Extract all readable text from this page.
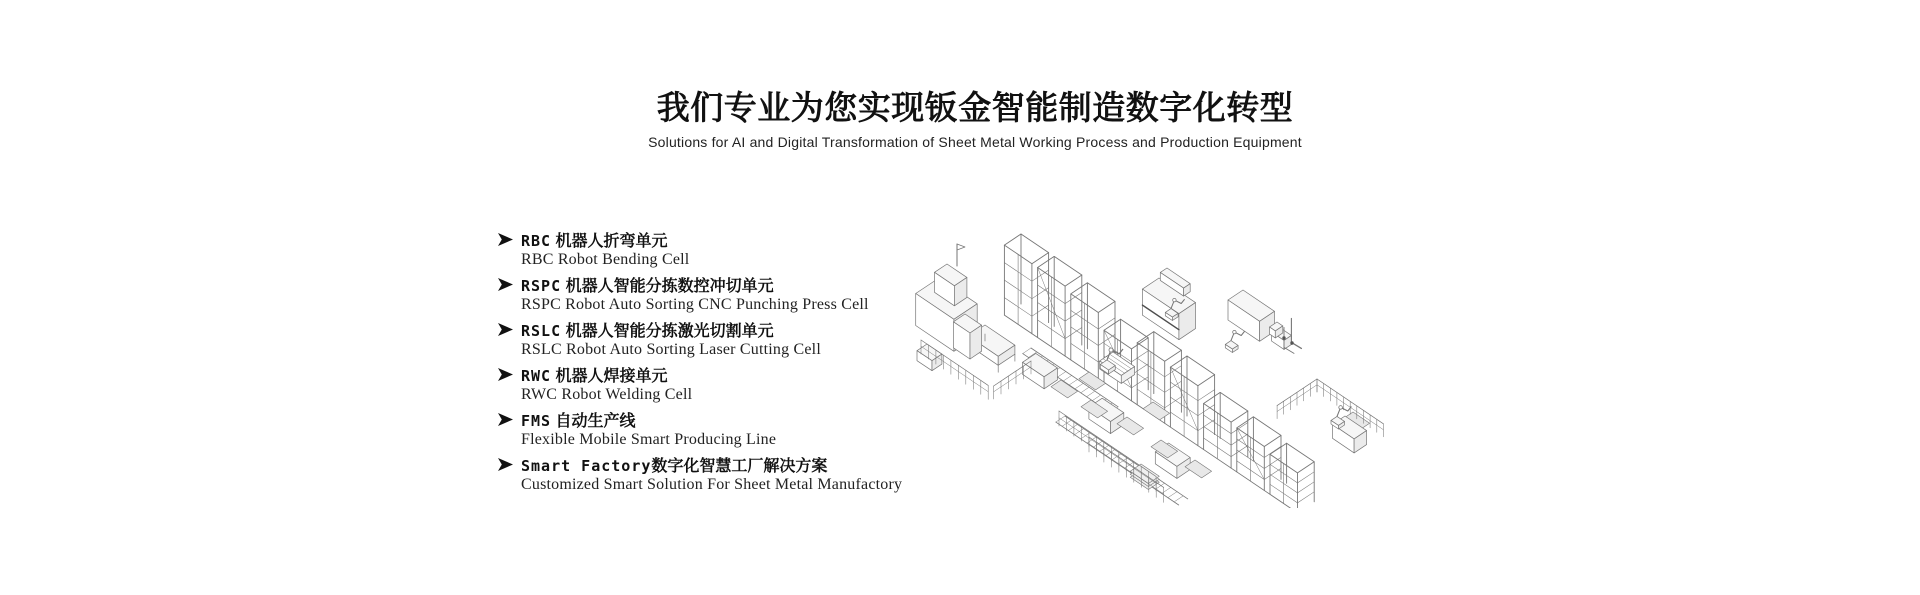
我们专业为您实现钣金智能制造数字化转型

Solutions for AI and Digital Transformation of Sheet Metal Working Process and Production Equipment

RBC 机器人折弯单元
RBC Robot Bending Cell
RSPC 机器人智能分拣数控冲切单元
RSPC Robot Auto Sorting CNC Punching Press Cell
RSLC 机器人智能分拣激光切割单元
RSLC Robot Auto Sorting Laser Cutting Cell
RWC 机器人焊接单元
RWC Robot Welding Cell
FMS 自动生产线
Flexible Mobile Smart Producing Line
Smart Factory数字化智慧工厂解决方案
Customized Smart Solution For Sheet Metal Manufactory
